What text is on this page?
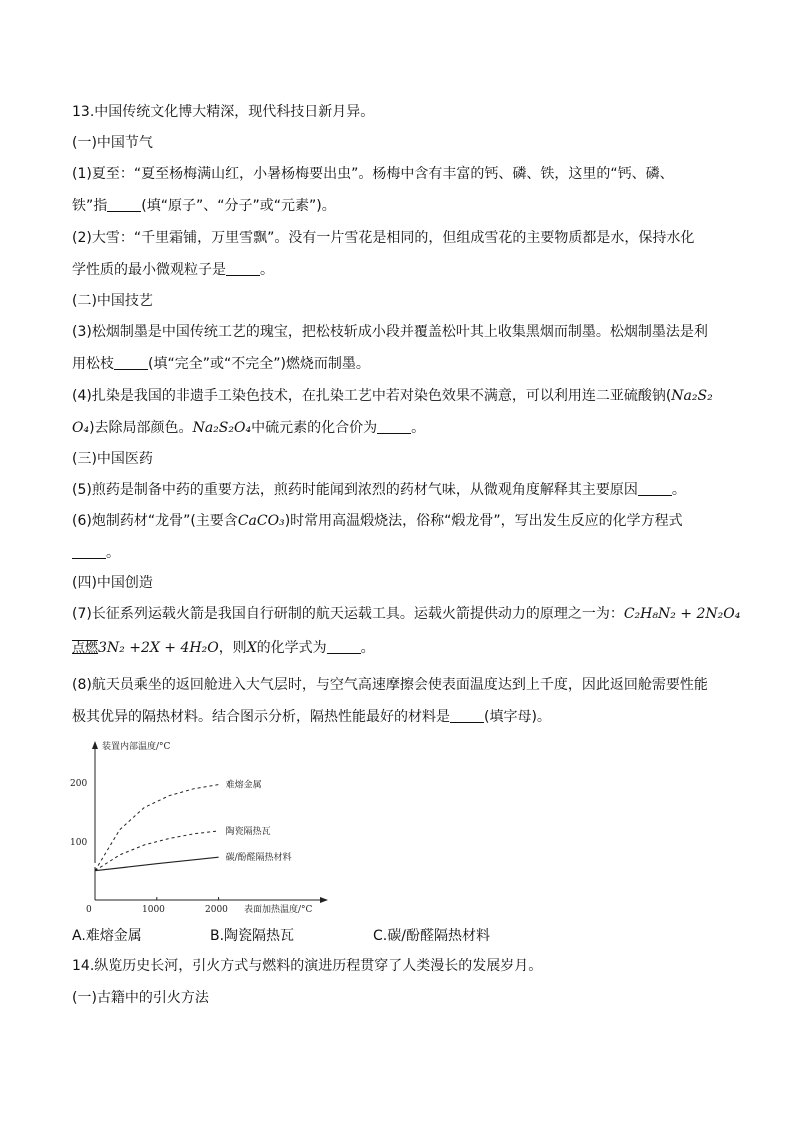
13.中国传统文化博大精深，现代科技日新月异。
(一)中国节气
(1)夏至：“夏至杨梅满山红，小暑杨梅要出虫”。杨梅中含有丰富的钙、磷、铁，这里的“钙、磷、
铁”指 (填“原子”、“分子”或“元素”)。
(2)大雪：“千里霜铺，万里雪飘”。没有一片雪花是相同的，但组成雪花的主要物质都是水，保持水化
学性质的最小微观粒子是 。
(二)中国技艺
(3)松烟制墨是中国传统工艺的瑰宝，把松枝斩成小段并覆盖松叶其上收集黑烟而制墨。松烟制墨法是利
用松枝 (填“完全”或“不完全”)燃烧而制墨。
(4)扎染是我国的非遗手工染色技术，在扎染工艺中若对染色效果不满意，可以利用连二亚硫酸钠(Na₂S₂
O₄)去除局部颜色。Na₂S₂O₄中硫元素的化合价为 。
(三)中国医药
(5)煎药是制备中药的重要方法，煎药时能闻到浓烈的药材气味，从微观角度解释其主要原因 。
(6)炮制药材“龙骨”(主要含CaCO₃)时常用高温煅烧法，俗称“煅龙骨”，写出发生反应的化学方程式
。
(四)中国创造
(7)长征系列运载火箭是我国自行研制的航天运载工具。运载火箭提供动力的原理之一为：C₂H₈N₂ + 2N₂O₄
点燃3N₂ +2X + 4H₂O，则X的化学式为 。
(8)航天员乘坐的返回舱进入大气层时，与空气高速摩擦会使表面温度达到上千度，因此返回舱需要性能
极其优异的隔热材料。结合图示分析，隔热性能最好的材料是 (填字母)。
装置内部温度/°C
表面加热温度/°C
0	1000	2000
100
200	难熔金属
陶瓷隔热瓦
碳/酚醛隔热材料
A.难熔金属	B.陶瓷隔热瓦	C.碳/酚醛隔热材料
14.纵览历史长河，引火方式与燃料的演进历程贯穿了人类漫长的发展岁月。
(一)古籍中的引火方法
